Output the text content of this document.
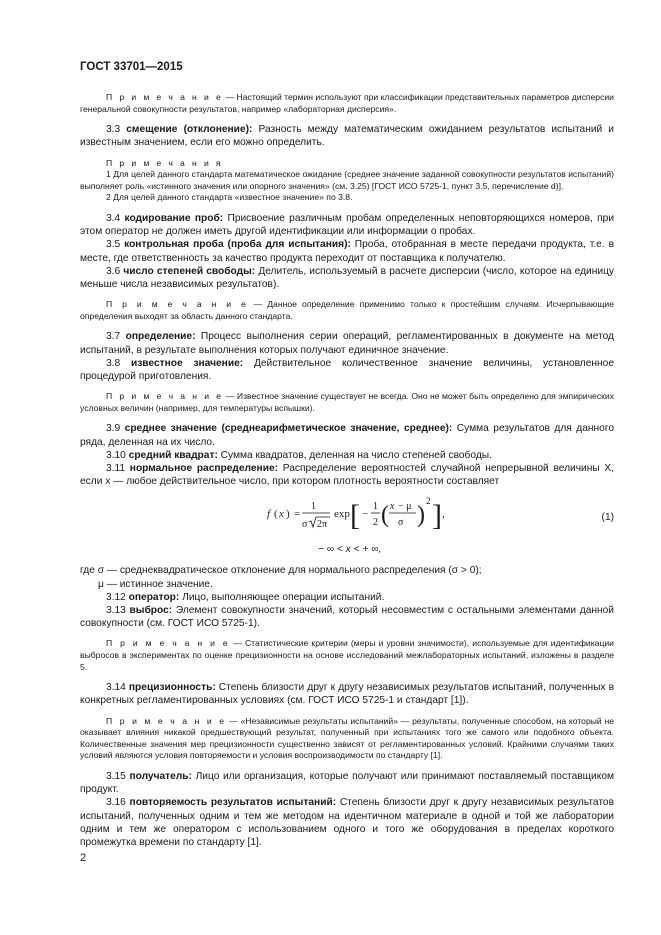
ГОСТ 33701—2015

П р и м е ч а н и е — Настоящий термин используют при классификации представительных параметров дисперсии генеральной совокупности результатов, например «лабораторная дисперсия».

3.3 смещение (отклонение): Разность между математическим ожиданием результатов испытаний и известным значением, если его можно определить.

П р и м е ч а н и я

1 Для целей данного стандарта математическое ожидание (среднее значение заданной совокупности результатов испытаний) выполняет роль «истинного значения или опорного значения» (см. 3.25) [ГОСТ ИСО 5725-1, пункт 3.5, перечисление d)].

2 Для целей данного стандарта «известное значение» по 3.8.

3.4 кодирование проб: Присвоение различным пробам определенных неповторяющихся номеров, при этом оператор не должен иметь другой идентификации или информации о пробах.

3.5 контрольная проба (проба для испытания): Проба, отобранная в месте передачи продукта, т.е. в месте, где ответственность за качество продукта переходит от поставщика к получателю.

3.6 число степеней свободы: Делитель, используемый в расчете дисперсии (число, которое на единицу меньше числа независимых результатов).

П р и м е ч а н и е — Данное определение применимо только к простейшим случаям. Исчерпывающие определения выходят за область данного стандарта.

3.7 определение: Процесс выполнения серии операций, регламентированных в документе на метод испытаний, в результате выполнения которых получают единичное значение.

3.8 известное значение: Действительное количественное значение величины, установленное процедурой приготовления.

П р и м е ч а н и е — Известное значение существует не всегда. Оно не может быть определено для эмпирических условных величин (например, для температуры вспышки).

3.9 среднее значение (среднеарифметическое значение, среднее): Сумма результатов для данного ряда, деленная на их число.

3.10 средний квадрат: Сумма квадратов, деленная на число степеней свободы.

3.11 нормальное распределение: Распределение вероятностей случайной непрерывной величины X, если x — любое действительное число, при котором плотность вероятности составляет

f ( x ) =
1
σ 2π
exp [ −
1
2 ( x − μ
σ )
2 ] ,	(1)
− ∞ < x < + ∞,

где σ — среднеквадратическое отклонение для нормального распределения (σ > 0);

μ — истинное значение.

3.12 оператор: Лицо, выполняющее операции испытаний.

3.13 выброс: Элемент совокупности значений, который несовместим с остальными элементами данной совокупности (см. ГОСТ ИСО 5725-1).

П р и м е ч а н и е — Статистические критерии (меры и уровни значимости), используемые для идентификации выбросов в экспериментах по оценке прецизионности на основе исследований межлабораторных испытаний, изложены в разделе 5.

3.14 прецизионность: Степень близости друг к другу независимых результатов испытаний, полученных в конкретных регламентированных условиях (см. ГОСТ ИСО 5725-1 и стандарт [1]).

П р и м е ч а н и е — «Независимые результаты испытаний» — результаты, полученные способом, на который не оказывает влияния никакой предшествующий результат, полученный при испытаниях того же самого или подобного объекта. Количественные значения мер прецизионности существенно зависят от регламентированных условий. Крайними случаями таких условий являются условия повторяемости и условия воспроизводимости по стандарту [1].

3.15 получатель: Лицо или организация, которые получают или принимают поставляемый поставщиком продукт.

3.16 повторяемость результатов испытаний: Степень близости друг к другу независимых результатов испытаний, полученных одним и тем же методом на идентичном материале в одной и той же лаборатории одним и тем же оператором с использованием одного и того же оборудования в пределах короткого промежутка времени по стандарту [1].

2
